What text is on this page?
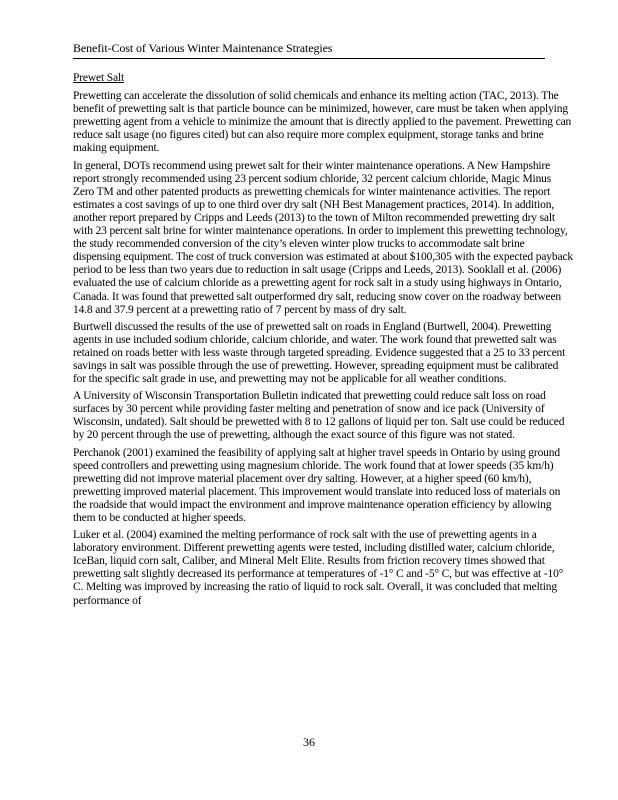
Benefit-Cost of Various Winter Maintenance Strategies

Prewet Salt

Prewetting can accelerate the dissolution of solid chemicals and enhance its melting action (TAC, 2013). The benefit of prewetting salt is that particle bounce can be minimized, however, care must be taken when applying prewetting agent from a vehicle to minimize the amount that is directly applied to the pavement. Prewetting can reduce salt usage (no figures cited) but can also require more complex equipment, storage tanks and brine making equipment.

In general, DOTs recommend using prewet salt for their winter maintenance operations. A New Hampshire report strongly recommended using 23 percent sodium chloride, 32 percent calcium chloride, Magic Minus Zero TM and other patented products as prewetting chemicals for winter maintenance activities. The report estimates a cost savings of up to one third over dry salt (NH Best Management practices, 2014). In addition, another report prepared by Cripps and Leeds (2013) to the town of Milton recommended prewetting dry salt with 23 percent salt brine for winter maintenance operations. In order to implement this prewetting technology, the study recommended conversion of the city’s eleven winter plow trucks to accommodate salt brine dispensing equipment. The cost of truck conversion was estimated at about $100,305 with the expected payback period to be less than two years due to reduction in salt usage (Cripps and Leeds, 2013). Sooklall et al. (2006) evaluated the use of calcium chloride as a prewetting agent for rock salt in a study using highways in Ontario, Canada. It was found that prewetted salt outperformed dry salt, reducing snow cover on the roadway between 14.8 and 37.9 percent at a prewetting ratio of 7 percent by mass of dry salt.

Burtwell discussed the results of the use of prewetted salt on roads in England (Burtwell, 2004). Prewetting agents in use included sodium chloride, calcium chloride, and water. The work found that prewetted salt was retained on roads better with less waste through targeted spreading. Evidence suggested that a 25 to 33 percent savings in salt was possible through the use of prewetting. However, spreading equipment must be calibrated for the specific salt grade in use, and prewetting may not be applicable for all weather conditions.

A University of Wisconsin Transportation Bulletin indicated that prewetting could reduce salt loss on road surfaces by 30 percent while providing faster melting and penetration of snow and ice pack (University of Wisconsin, undated). Salt should be prewetted with 8 to 12 gallons of liquid per ton. Salt use could be reduced by 20 percent through the use of prewetting, although the exact source of this figure was not stated.

Perchanok (2001) examined the feasibility of applying salt at higher travel speeds in Ontario by using ground speed controllers and prewetting using magnesium chloride. The work found that at lower speeds (35 km/h) prewetting did not improve material placement over dry salting. However, at a higher speed (60 km/h), prewetting improved material placement. This improvement would translate into reduced loss of materials on the roadside that would impact the environment and improve maintenance operation efficiency by allowing them to be conducted at higher speeds.

Luker et al. (2004) examined the melting performance of rock salt with the use of prewetting agents in a laboratory environment. Different prewetting agents were tested, including distilled water, calcium chloride, IceBan, liquid corn salt, Caliber, and Mineral Melt Elite. Results from friction recovery times showed that prewetting salt slightly decreased its performance at temperatures of -1° C and -5° C, but was effective at -10° C. Melting was improved by increasing the ratio of liquid to rock salt. Overall, it was concluded that melting performance of

36
